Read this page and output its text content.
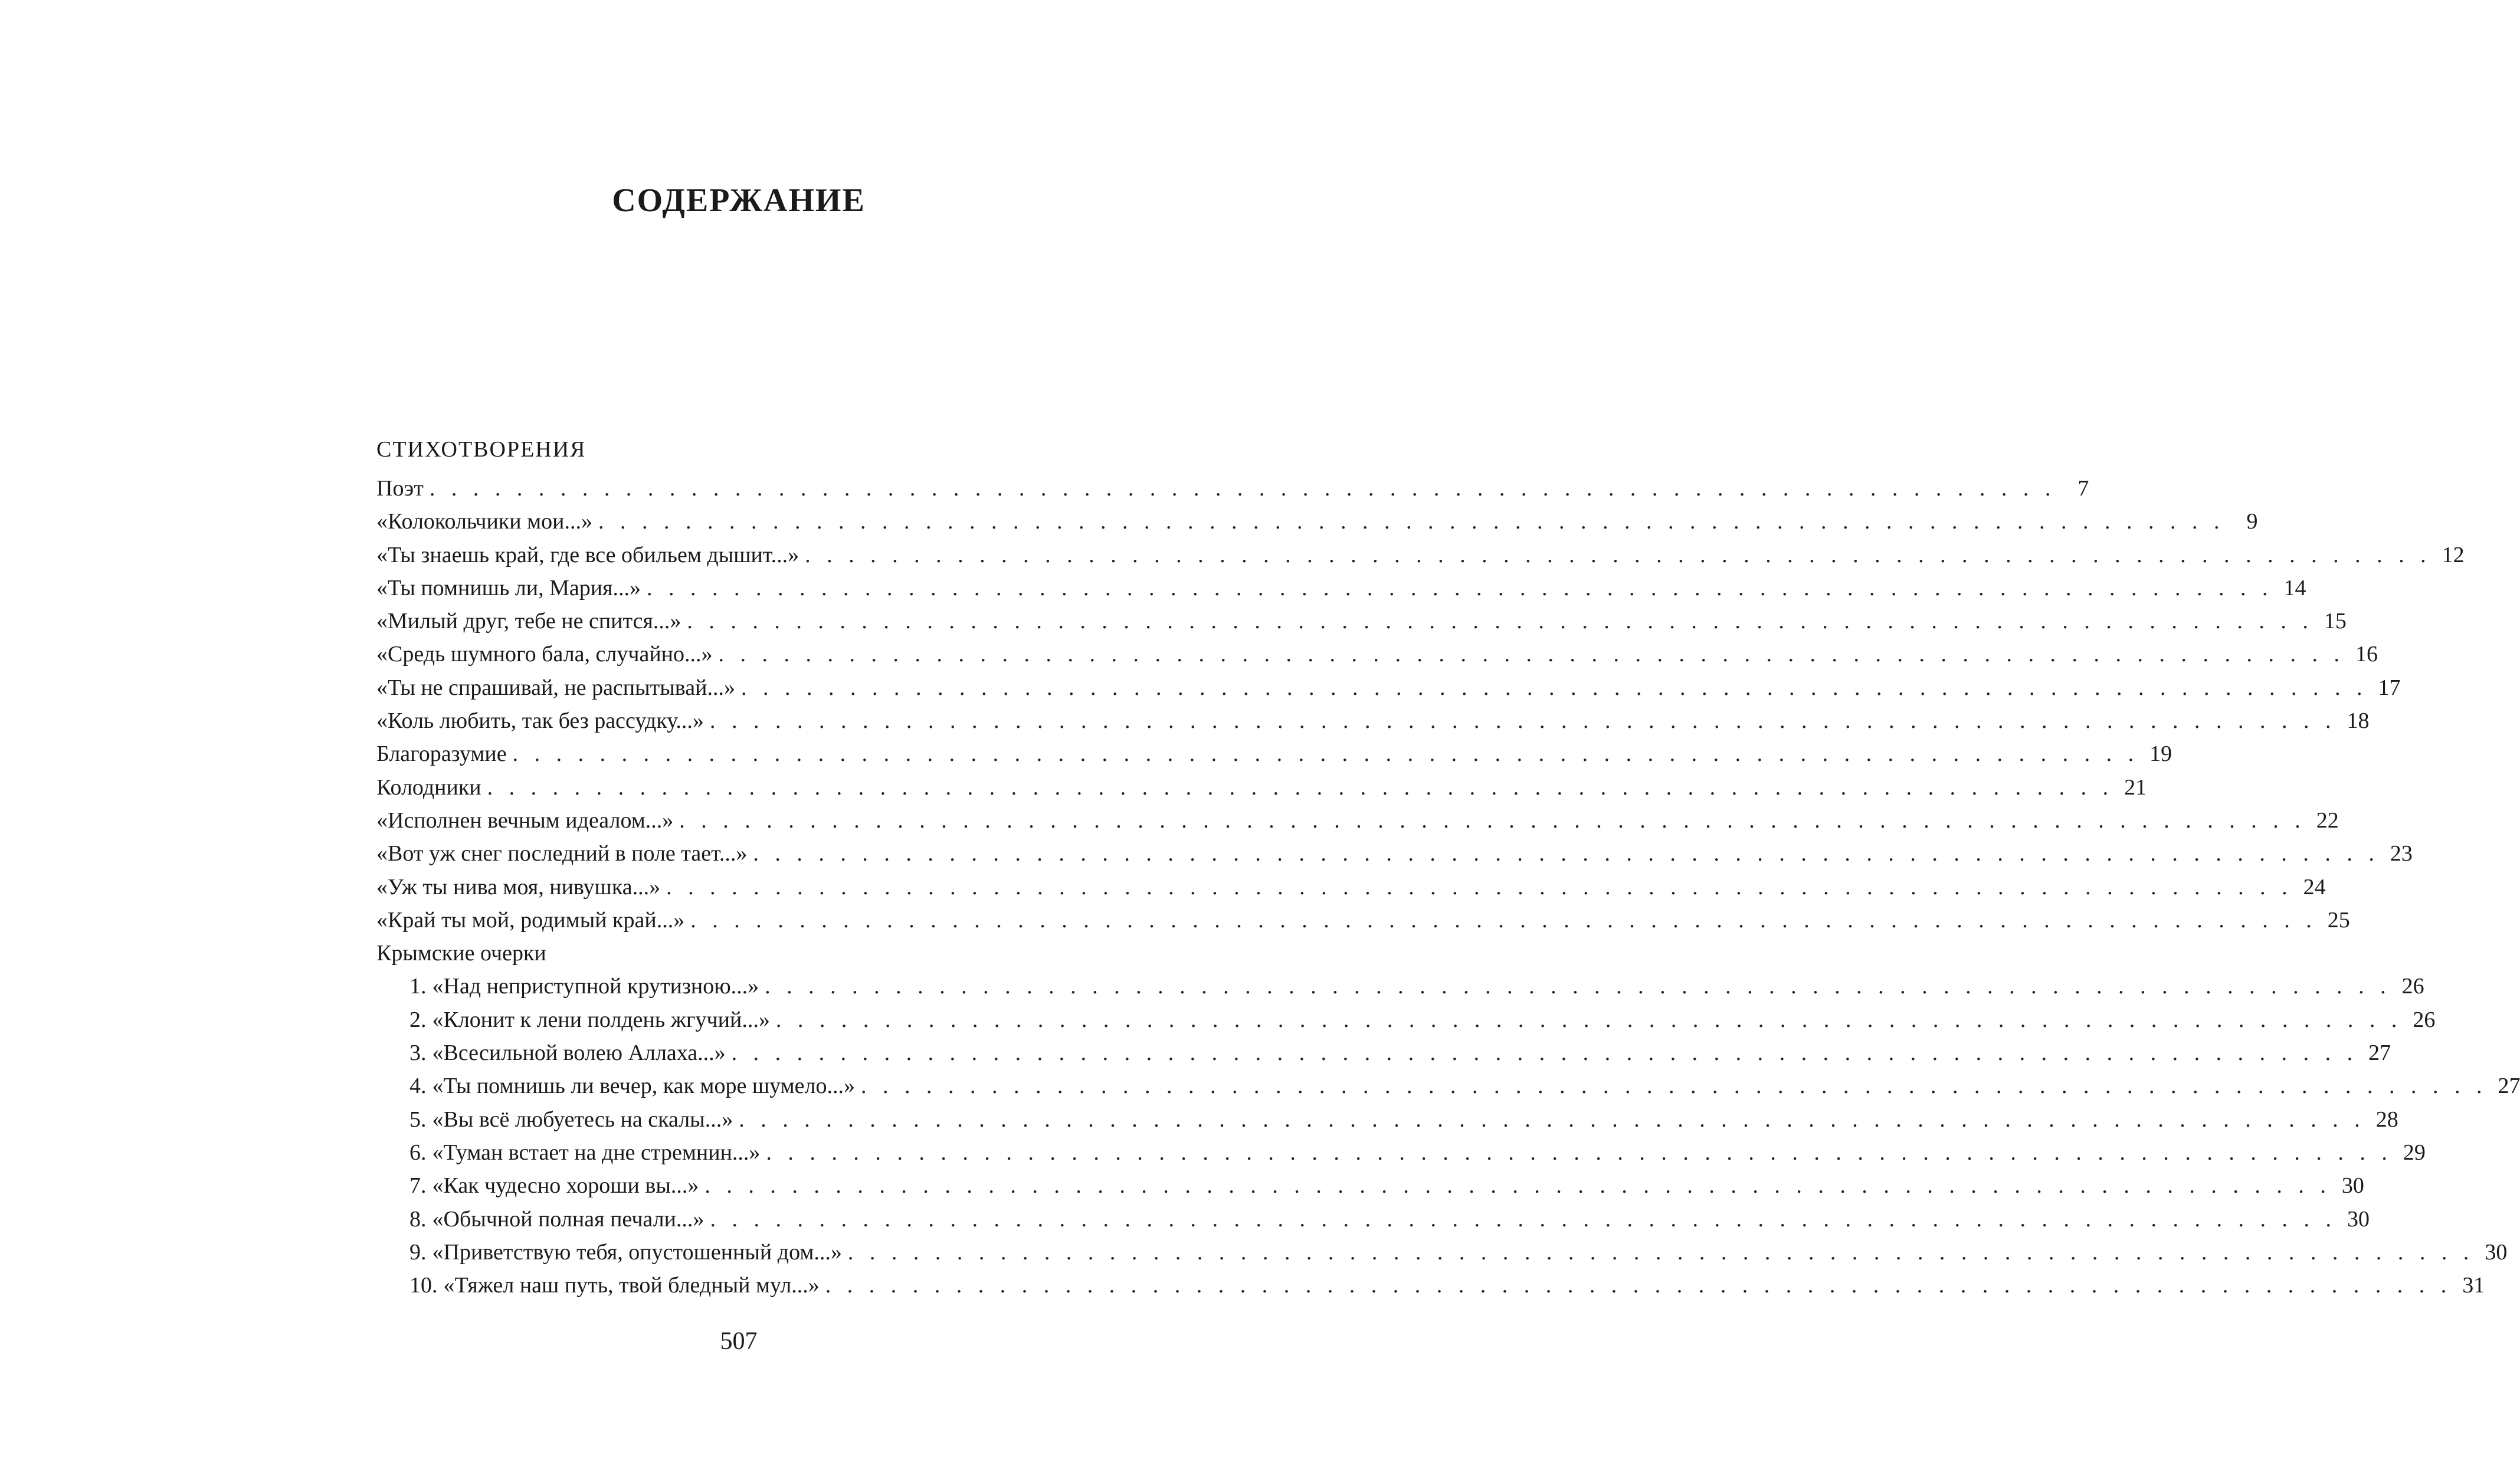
СОДЕРЖАНИЕ
СТИХОТВОРЕНИЯ
Поэт . . . . . . . . . . . . . . . . . . . . . . . . . . . . . . . . . . . . . . . . . . . . . . . . . . . . . . . . . . . . . . . . . . . . . . . . . . . 7
«Колокольчики мои...» . . . . . . . . . . . . . . . . . . . . . . . . . . . . . . . . . . . . . . . . . . . . . . . . . . . . . . . . . . . . . . . . . . . . . . . . . . . 9
«Ты знаешь край, где все обильем дышит...» . . . . . . . . . . . . . . . . . . . . . . . . . . . . . . . . . . . . . . . . . . . . . . . . . . . . . . . . . . . . . . . . . . . . . . . . . . . 12
«Ты помнишь ли, Мария...» . . . . . . . . . . . . . . . . . . . . . . . . . . . . . . . . . . . . . . . . . . . . . . . . . . . . . . . . . . . . . . . . . . . . . . . . . . . 14
«Милый друг, тебе не спится...» . . . . . . . . . . . . . . . . . . . . . . . . . . . . . . . . . . . . . . . . . . . . . . . . . . . . . . . . . . . . . . . . . . . . . . . . . . . 15
«Средь шумного бала, случайно...» . . . . . . . . . . . . . . . . . . . . . . . . . . . . . . . . . . . . . . . . . . . . . . . . . . . . . . . . . . . . . . . . . . . . . . . . . . . 16
«Ты не спрашивай, не распытывай...» . . . . . . . . . . . . . . . . . . . . . . . . . . . . . . . . . . . . . . . . . . . . . . . . . . . . . . . . . . . . . . . . . . . . . . . . . . . 17
«Коль любить, так без рассудку...» . . . . . . . . . . . . . . . . . . . . . . . . . . . . . . . . . . . . . . . . . . . . . . . . . . . . . . . . . . . . . . . . . . . . . . . . . . . 18
Благоразумие . . . . . . . . . . . . . . . . . . . . . . . . . . . . . . . . . . . . . . . . . . . . . . . . . . . . . . . . . . . . . . . . . . . . . . . . . . . 19
Колодники . . . . . . . . . . . . . . . . . . . . . . . . . . . . . . . . . . . . . . . . . . . . . . . . . . . . . . . . . . . . . . . . . . . . . . . . . . . 21
«Исполнен вечным идеалом...» . . . . . . . . . . . . . . . . . . . . . . . . . . . . . . . . . . . . . . . . . . . . . . . . . . . . . . . . . . . . . . . . . . . . . . . . . . . 22
«Вот уж снег последний в поле тает...» . . . . . . . . . . . . . . . . . . . . . . . . . . . . . . . . . . . . . . . . . . . . . . . . . . . . . . . . . . . . . . . . . . . . . . . . . . . 23
«Уж ты нива моя, нивушка...» . . . . . . . . . . . . . . . . . . . . . . . . . . . . . . . . . . . . . . . . . . . . . . . . . . . . . . . . . . . . . . . . . . . . . . . . . . . 24
«Край ты мой, родимый край...» . . . . . . . . . . . . . . . . . . . . . . . . . . . . . . . . . . . . . . . . . . . . . . . . . . . . . . . . . . . . . . . . . . . . . . . . . . . 25
Крымские очерки
1. «Над неприступной крутизною...» . . . . . . . . . . . . . . . . . . . . . . . . . . . . . . . . . . . . . . . . . . . . . . . . . . . . . . . . . . . . . . . . . . . . . . . . . . . 26
2. «Клонит к лени полдень жгучий...» . . . . . . . . . . . . . . . . . . . . . . . . . . . . . . . . . . . . . . . . . . . . . . . . . . . . . . . . . . . . . . . . . . . . . . . . . . . 26
3. «Всесильной волею Аллаха...» . . . . . . . . . . . . . . . . . . . . . . . . . . . . . . . . . . . . . . . . . . . . . . . . . . . . . . . . . . . . . . . . . . . . . . . . . . . 27
4. «Ты помнишь ли вечер, как море шумело...» . . . . . . . . . . . . . . . . . . . . . . . . . . . . . . . . . . . . . . . . . . . . . . . . . . . . . . . . . . . . . . . . . . . . . . . . . . . 27
5. «Вы всё любуетесь на скалы...» . . . . . . . . . . . . . . . . . . . . . . . . . . . . . . . . . . . . . . . . . . . . . . . . . . . . . . . . . . . . . . . . . . . . . . . . . . . 28
6. «Туман встает на дне стремнин...» . . . . . . . . . . . . . . . . . . . . . . . . . . . . . . . . . . . . . . . . . . . . . . . . . . . . . . . . . . . . . . . . . . . . . . . . . . . 29
7. «Как чудесно хороши вы...» . . . . . . . . . . . . . . . . . . . . . . . . . . . . . . . . . . . . . . . . . . . . . . . . . . . . . . . . . . . . . . . . . . . . . . . . . . . 30
8. «Обычной полная печали...» . . . . . . . . . . . . . . . . . . . . . . . . . . . . . . . . . . . . . . . . . . . . . . . . . . . . . . . . . . . . . . . . . . . . . . . . . . . 30
9. «Приветствую тебя, опустошенный дом...» . . . . . . . . . . . . . . . . . . . . . . . . . . . . . . . . . . . . . . . . . . . . . . . . . . . . . . . . . . . . . . . . . . . . . . . . . . . 30
10. «Тяжел наш путь, твой бледный мул...» . . . . . . . . . . . . . . . . . . . . . . . . . . . . . . . . . . . . . . . . . . . . . . . . . . . . . . . . . . . . . . . . . . . . . . . . . . . 31
507
